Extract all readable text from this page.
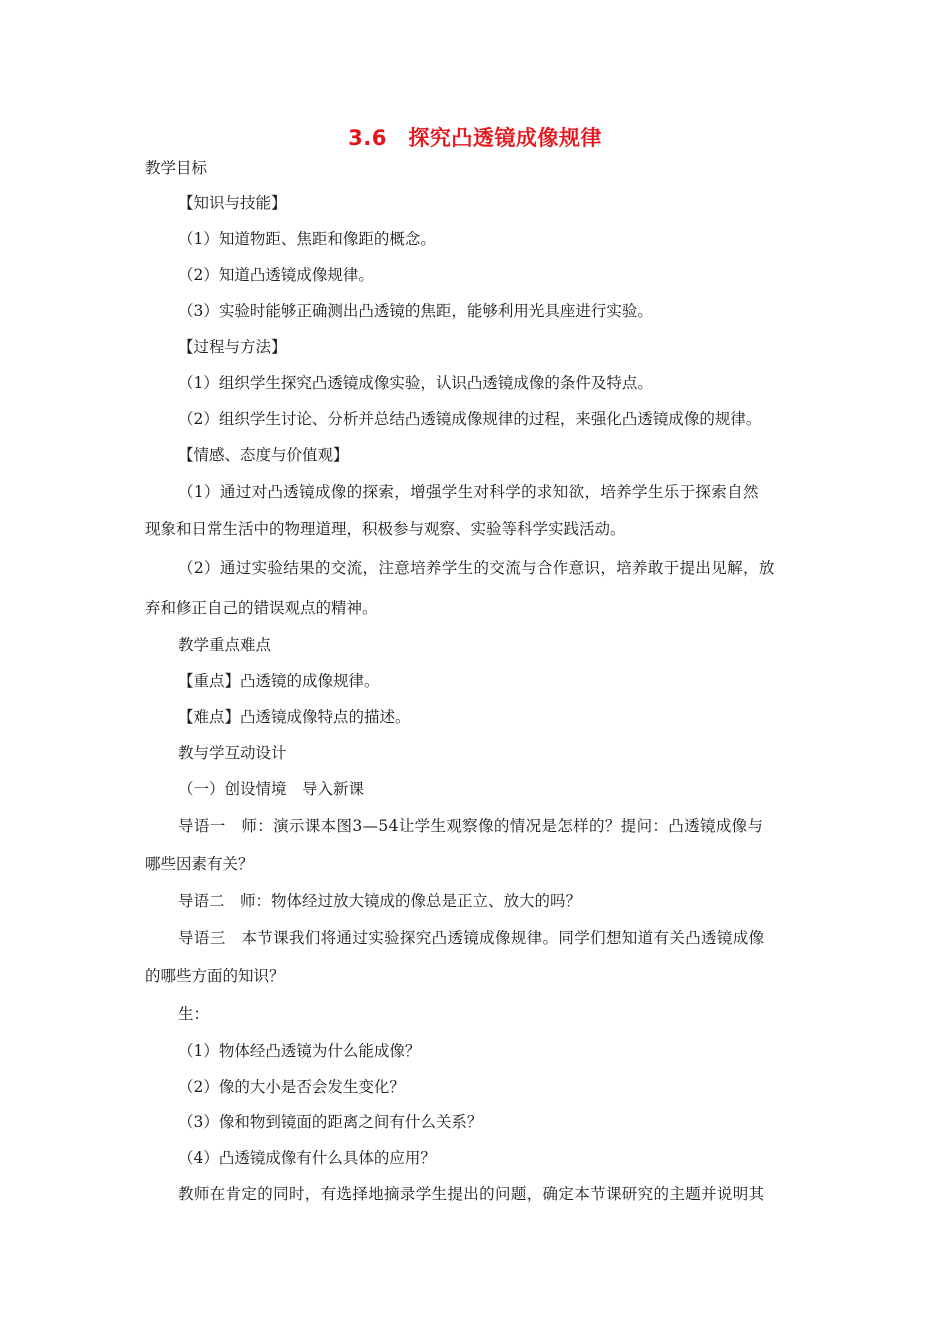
3.6　探究凸透镜成像规律
教学目标
【知识与技能】
（1）知道物距、焦距和像距的概念。
（2）知道凸透镜成像规律。
（3）实验时能够正确测出凸透镜的焦距，能够利用光具座进行实验。
【过程与方法】
（1）组织学生探究凸透镜成像实验，认识凸透镜成像的条件及特点。
（2）组织学生讨论、分析并总结凸透镜成像规律的过程，来强化凸透镜成像的规律。
【情感、态度与价值观】
（1）通过对凸透镜成像的探索，增强学生对科学的求知欲，培养学生乐于探索自然
现象和日常生活中的物理道理，积极参与观察、实验等科学实践活动。
（2）通过实验结果的交流，注意培养学生的交流与合作意识，培养敢于提出见解，放
弃和修正自己的错误观点的精神。
教学重点难点
【重点】凸透镜的成像规律。
【难点】凸透镜成像特点的描述。
教与学互动设计
（一）创设情境　导入新课
导语一　师：演示课本图3—54让学生观察像的情况是怎样的？提问：凸透镜成像与
哪些因素有关？
导语二　师：物体经过放大镜成的像总是正立、放大的吗？
导语三　本节课我们将通过实验探究凸透镜成像规律。同学们想知道有关凸透镜成像
的哪些方面的知识？
生：
（1）物体经凸透镜为什么能成像？
（2）像的大小是否会发生变化？
（3）像和物到镜面的距离之间有什么关系？
（4）凸透镜成像有什么具体的应用？
教师在肯定的同时，有选择地摘录学生提出的问题，确定本节课研究的主题并说明其
